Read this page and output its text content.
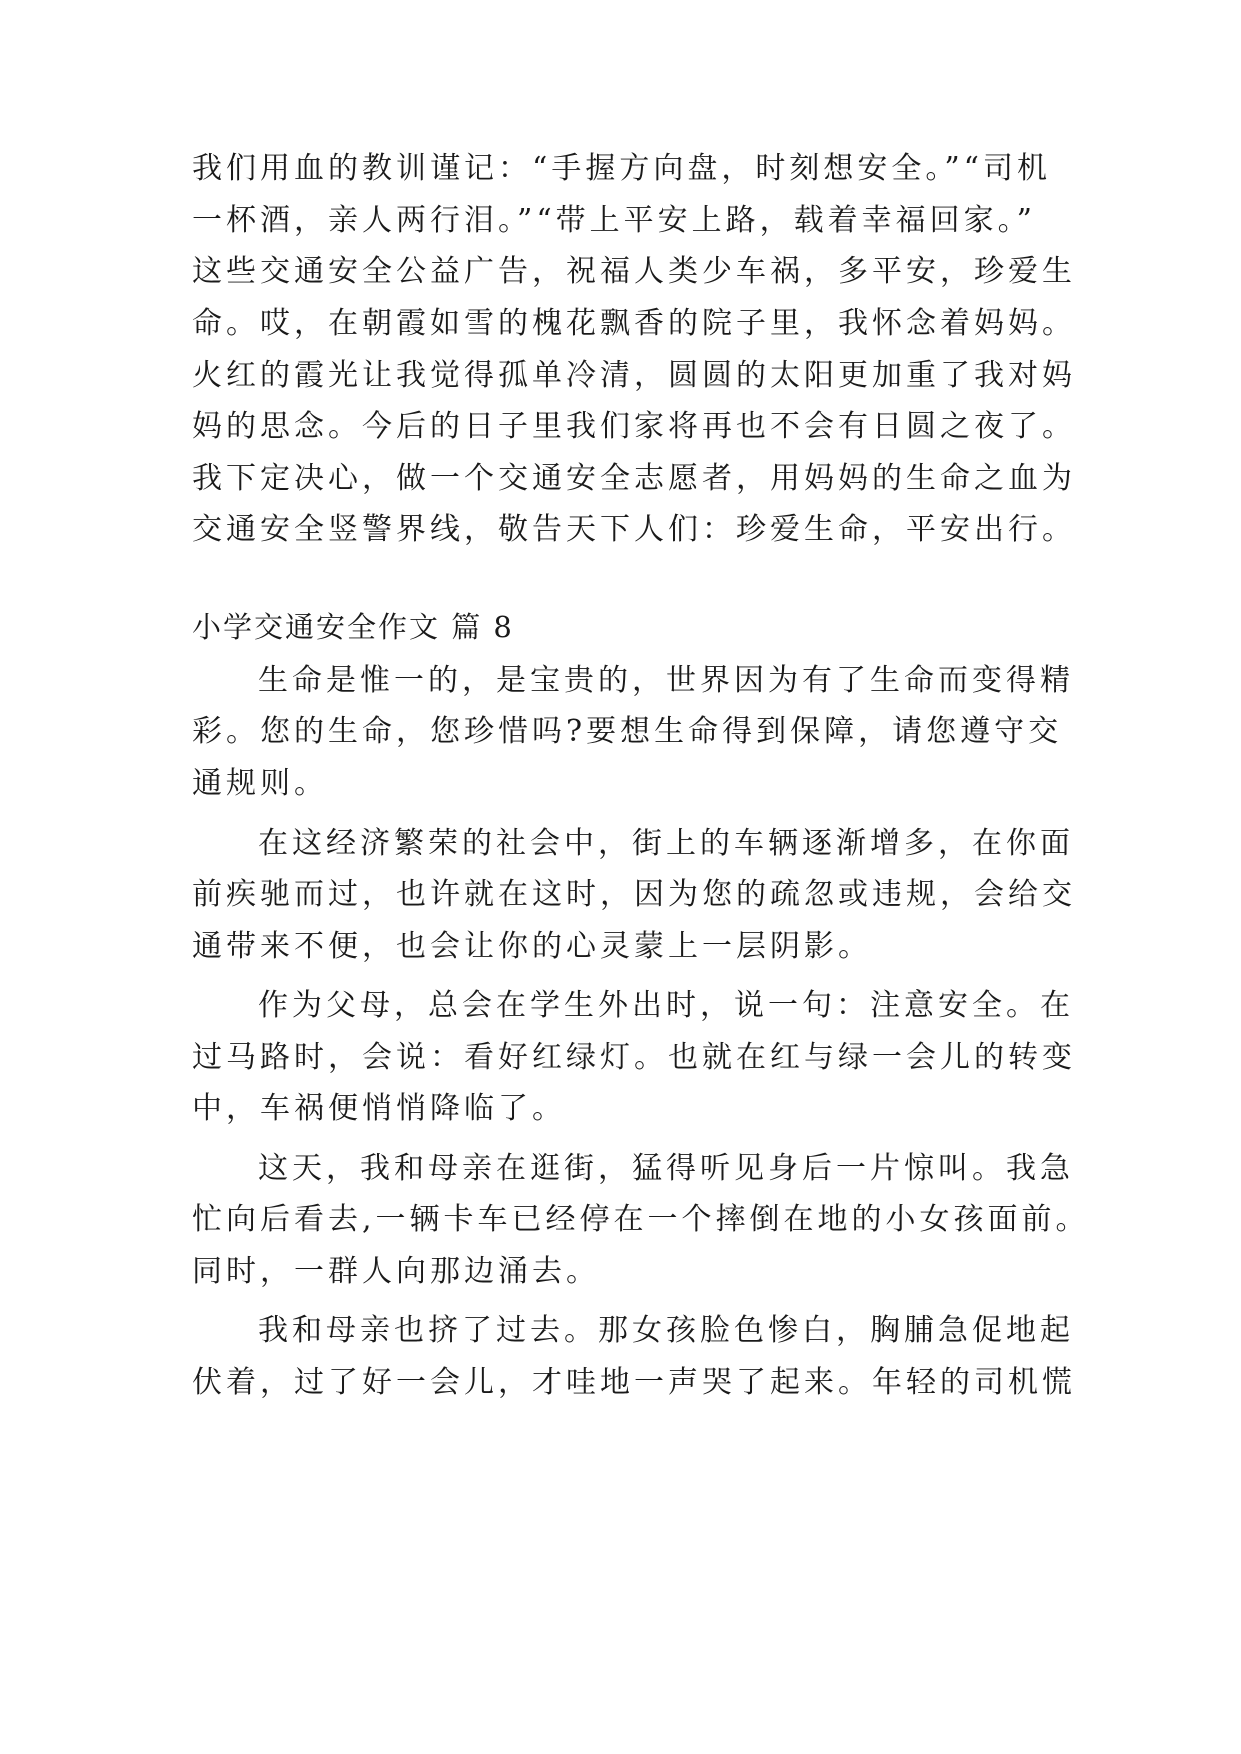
我们用血的教训谨记：“手握方向盘，时刻想安全。”“司机
一杯酒，亲人两行泪。”“带上平安上路，载着幸福回家。”
这些交通安全公益广告，祝福人类少车祸，多平安，珍爱生
命。哎，在朝霞如雪的槐花飘香的院子里，我怀念着妈妈。
火红的霞光让我觉得孤单冷清，圆圆的太阳更加重了我对妈
妈的思念。今后的日子里我们家将再也不会有日圆之夜了。
我下定决心，做一个交通安全志愿者，用妈妈的生命之血为
交通安全竖警界线，敬告天下人们：珍爱生命，平安出行。
小学交通安全作文 篇 8
生命是惟一的，是宝贵的，世界因为有了生命而变得精
彩。您的生命，您珍惜吗?要想生命得到保障，请您遵守交
通规则。
在这经济繁荣的社会中，街上的车辆逐渐增多，在你面
前疾驰而过，也许就在这时，因为您的疏忽或违规，会给交
通带来不便，也会让你的心灵蒙上一层阴影。
作为父母，总会在学生外出时，说一句：注意安全。在
过马路时，会说：看好红绿灯。也就在红与绿一会儿的转变
中，车祸便悄悄降临了。
这天，我和母亲在逛街，猛得听见身后一片惊叫。我急
忙向后看去,一辆卡车已经停在一个摔倒在地的小女孩面前。
同时，一群人向那边涌去。
我和母亲也挤了过去。那女孩脸色惨白，胸脯急促地起
伏着，过了好一会儿，才哇地一声哭了起来。年轻的司机慌
